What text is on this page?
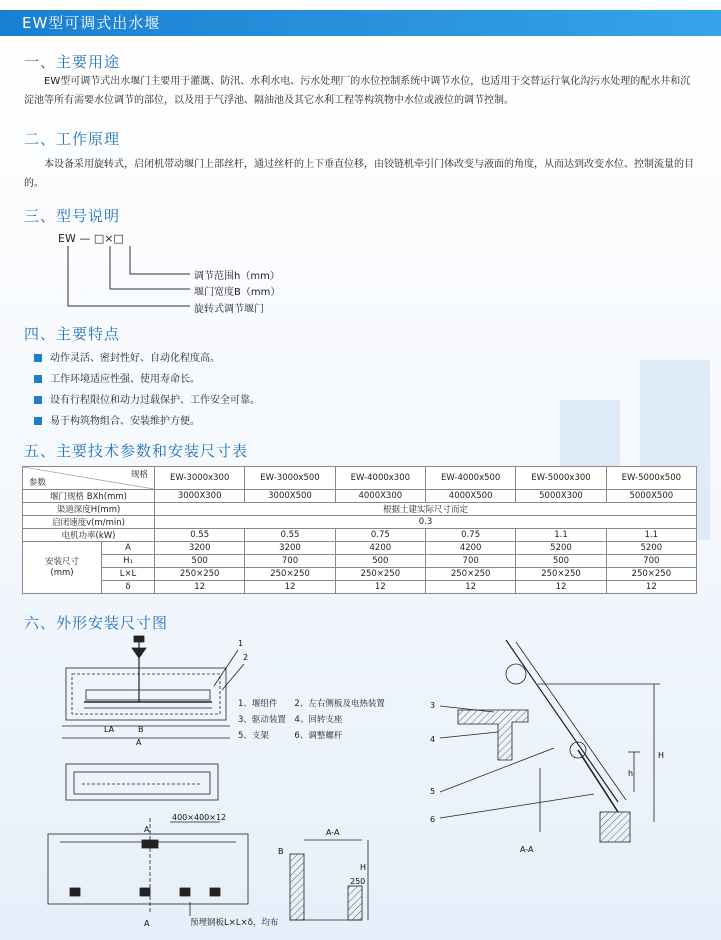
EW型可调式出水堰
一、主要用途
EW型可调节式出水堰门主要用于灌溉、防汛、水利水电、污水处理厂的水位控制系统中调节水位，也适用于交替运行氧化沟污水处理的配水井和沉淀池等所有需要水位调节的部位，以及用于气浮池、隔油池及其它水利工程等构筑物中水位或液位的调节控制。
二、工作原理
本设备采用旋转式，启闭机带动堰门上部丝杆，通过丝杆的上下垂直位移，由铰链机牵引门体改变与液面的角度，从而达到改变水位、控制流量的目的。
三、型号说明
EW — □×□
调节范围h（mm）
堰门宽度B（mm）
旋转式调节堰门
四、主要特点
动作灵活、密封性好、自动化程度高。
工作环境适应性强、使用寿命长。
设有行程限位和动力过载保护、工作安全可靠。
易于构筑物组合、安装维护方便。
五、主要技术参数和安装尺寸表
规格
参数		EW-3000x300	EW-3000x500	EW-4000x300	EW-4000x500	EW-5000x300	EW-5000x500
堰门规格 BXh(mm)		3000X300	3000X500	4000X300	4000X500	5000X300	5000X500
渠道深度H(mm)		根据土建实际尺寸而定					
启闭速度v(m/min)		0.3					
电机功率(kW)		0.55	0.55	0.75	0.75	1.1	1.1
安装尺寸
(mm)	A	3200	3200	4200	4200	5200	5200
	H₁	500	700	500	700	500	700
	L×L	250×250	250×250	250×250	250×250	250×250	250×250
	δ	12	12	12	12	12	12
六、外形安装尺寸图
1、堰组件　　2、左右侧板及电热装置
3、驱动装置　4、回转支座
5、支架　　　6、调整螺杆
1
2
LA	B
A
400×400×12
A
A	预埋钢板L×L×δ，均布
A-A
B
H
250
3
4
5
6
H
h
A-A
